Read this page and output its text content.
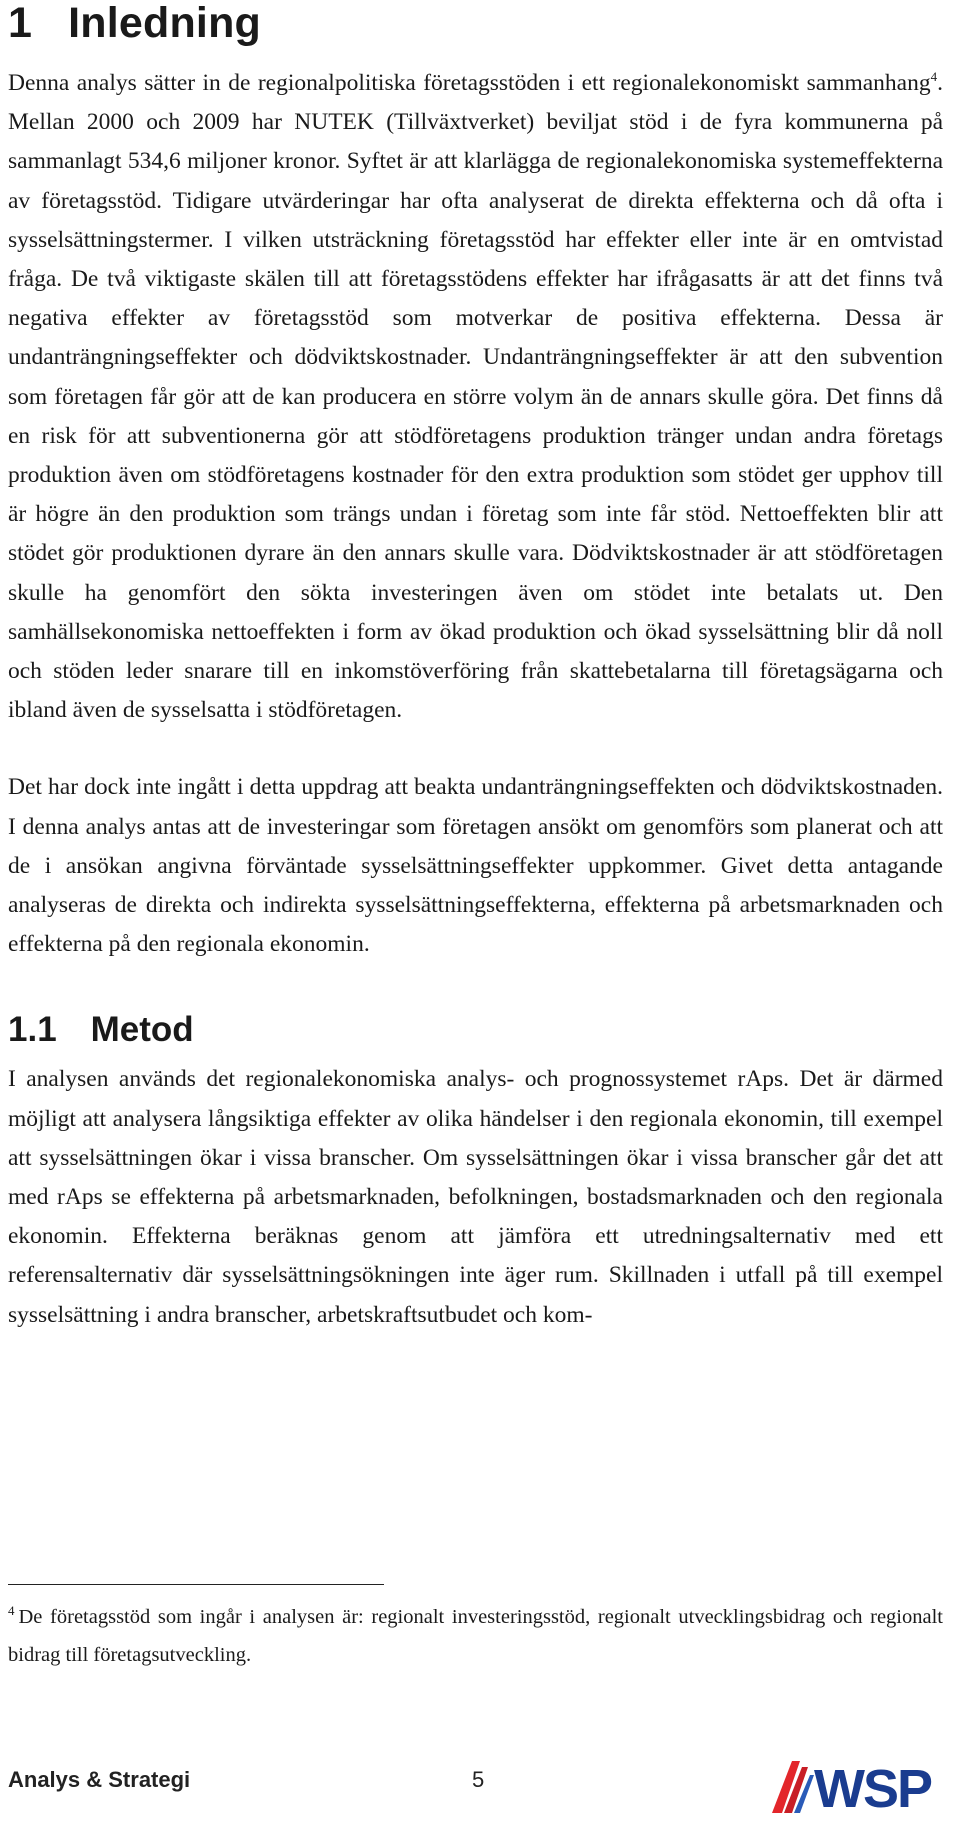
1 Inledning

Denna analys sätter in de regionalpolitiska företagsstöden i ett regionalekonomiskt sammanhang$^4$. Mellan 2000 och 2009 har NUTEK (Tillväxtverket) beviljat stöd i de fyra kommunerna på sammanlagt 534,6 miljoner kronor. Syftet är att klarlägga de regionalekonomiska systemeffekterna av företagsstöd. Tidigare utvärderingar har ofta analyserat de direkta effekterna och då ofta i sysselsättningstermer. I vilken utsträckning företagsstöd har effekter eller inte är en omtvistad fråga. De två viktigaste skälen till att företagsstödens effekter har ifrågasatts är att det finns två negativa effekter av företagsstöd som motverkar de positiva effekterna. Dessa är undanträngningseffekter och dödviktskostnader. Undanträngningseffekter är att den subvention som företagen får gör att de kan producera en större volym än de annars skulle göra. Det finns då en risk för att subventionerna gör att stödföretagens produktion tränger undan andra företags produktion även om stödföretagens kostnader för den extra produktion som stödet ger upphov till är högre än den produktion som trängs undan i företag som inte får stöd. Nettoeffekten blir att stödet gör produktionen dyrare än den annars skulle vara. Dödviktskostnader är att stödföretagen skulle ha genomfört den sökta investeringen även om stödet inte betalats ut. Den samhällsekonomiska nettoeffekten i form av ökad produktion och ökad sysselsättning blir då noll och stöden leder snarare till en inkomstöverföring från skattebetalarna till företagsägarna och ibland även de sysselsatta i stödföretagen.

Det har dock inte ingått i detta uppdrag att beakta undanträngningseffekten och dödviktskostnaden. I denna analys antas att de investeringar som företagen ansökt om genomförs som planerat och att de i ansökan angivna förväntade sysselsättningseffekter uppkommer. Givet detta antagande analyseras de direkta och indirekta sysselsättningseffekterna, effekterna på arbetsmarknaden och effekterna på den regionala ekonomin.

1.1 Metod

I analysen används det regionalekonomiska analys- och prognossystemet rAps. Det är därmed möjligt att analysera långsiktiga effekter av olika händelser i den regionala ekonomin, till exempel att sysselsättningen ökar i vissa branscher. Om sysselsättningen ökar i vissa branscher går det att med rAps se effekterna på arbetsmarknaden, befolkningen, bostadsmarknaden och den regionala ekonomin. Effekterna beräknas genom att jämföra ett utredningsalternativ med ett referensalternativ där sysselsättningsökningen inte äger rum. Skillnaden i utfall på till exempel sysselsättning i andra branscher, arbetskraftsutbudet och kom-

$^4$ De företagsstöd som ingår i analysen är: regionalt investeringsstöd, regionalt utvecklingsbidrag och regionalt bidrag till företagsutveckling.
Analys & Strategi	5	WSP
